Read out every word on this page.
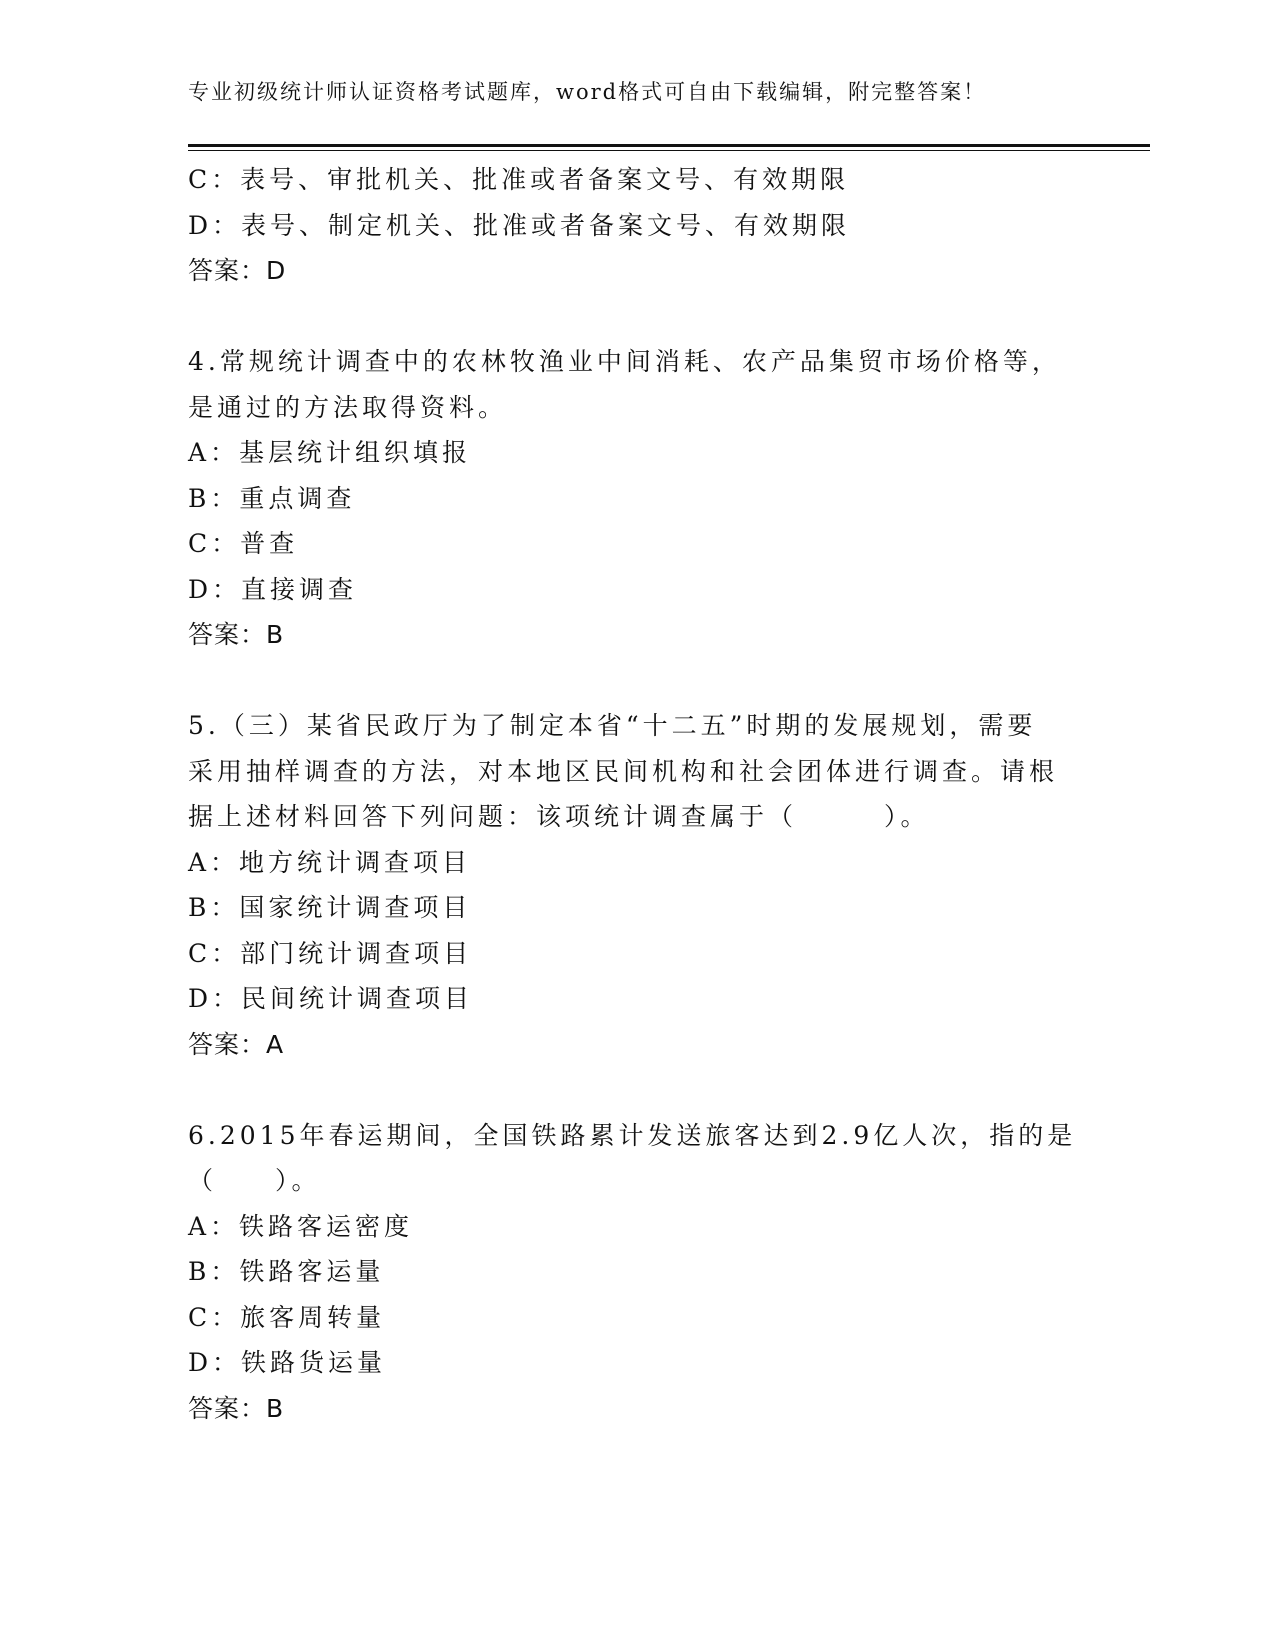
专业初级统计师认证资格考试题库，word格式可自由下载编辑，附完整答案！
C：表号、审批机关、批准或者备案文号、有效期限
D：表号、制定机关、批准或者备案文号、有效期限
答案：D
4.常规统计调查中的农林牧渔业中间消耗、农产品集贸市场价格等，
是通过的方法取得资料。
A：基层统计组织填报
B：重点调查
C：普查
D：直接调查
答案：B
5.（三）某省民政厅为了制定本省“十二五”时期的发展规划，需要
采用抽样调查的方法，对本地区民间机构和社会团体进行调查。请根
据上述材料回答下列问题：该项统计调查属于（　　　）。
A：地方统计调查项目
B：国家统计调查项目
C：部门统计调查项目
D：民间统计调查项目
答案：A
6.2015年春运期间，全国铁路累计发送旅客达到2.9亿人次，指的是
（　　）。
A：铁路客运密度
B：铁路客运量
C：旅客周转量
D：铁路货运量
答案：B
